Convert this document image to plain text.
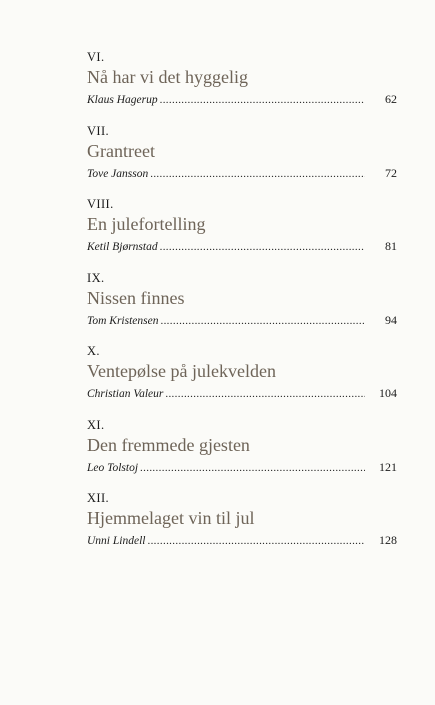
VI.
Nå har vi det hyggelig
Klaus Hagerup . . .	62
VII.
Grantreet
Tove Jansson . . .	72
VIII.
En julefortelling
Ketil Bjørnstad . . .	81
IX.
Nissen finnes
Tom Kristensen . . .	94
X.
Ventepølse på julekvelden
Christian Valeur . . .	104
XI.
Den fremmede gjesten
Leo Tolstoj . . .	121
XII.
Hjemmelaget vin til jul
Unni Lindell . . .	128
